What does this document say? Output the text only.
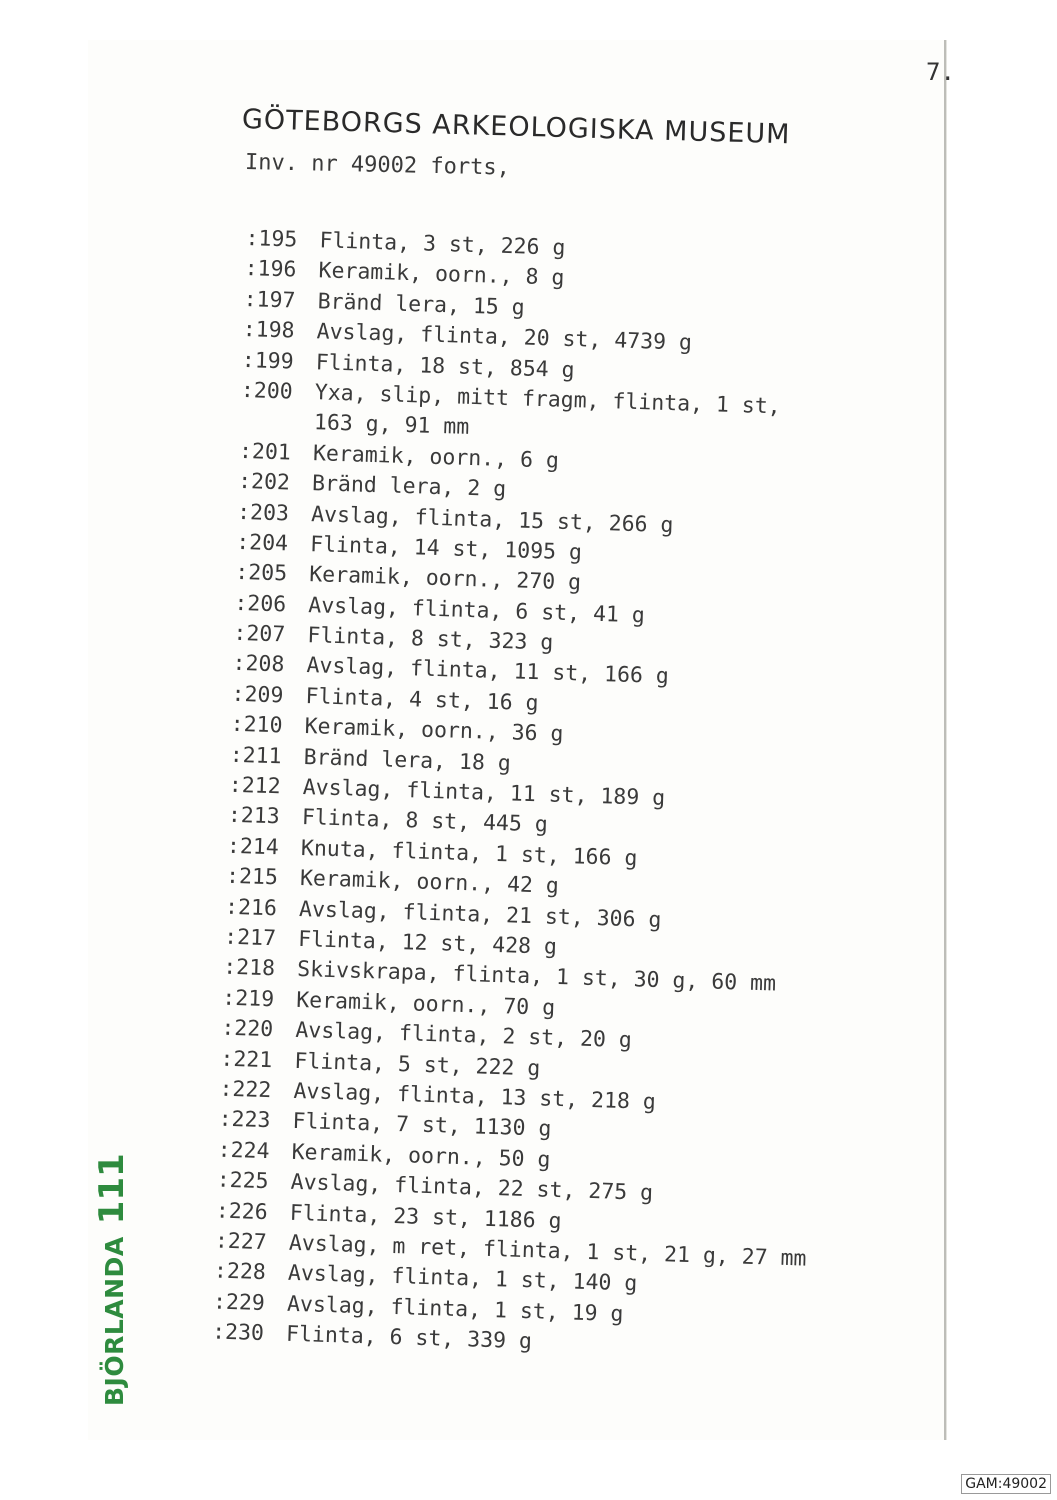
7.
GÖTEBORGS ARKEOLOGISKA MUSEUM
Inv. nr 49002 forts,
:195 Flinta, 3 st, 226 g
:196 Keramik, oorn., 8 g
:197 Bränd lera, 15 g
:198 Avslag, flinta, 20 st, 4739 g
:199 Flinta, 18 st, 854 g
:200 Yxa, slip, mitt fragm, flinta, 1 st,
163 g, 91 mm
:201 Keramik, oorn., 6 g
:202 Bränd lera, 2 g
:203 Avslag, flinta, 15 st, 266 g
:204 Flinta, 14 st, 1095 g
:205 Keramik, oorn., 270 g
:206 Avslag, flinta, 6 st, 41 g
:207 Flinta, 8 st, 323 g
:208 Avslag, flinta, 11 st, 166 g
:209 Flinta, 4 st, 16 g
:210 Keramik, oorn., 36 g
:211 Bränd lera, 18 g
:212 Avslag, flinta, 11 st, 189 g
:213 Flinta, 8 st, 445 g
:214 Knuta, flinta, 1 st, 166 g
:215 Keramik, oorn., 42 g
:216 Avslag, flinta, 21 st, 306 g
:217 Flinta, 12 st, 428 g
:218 Skivskrapa, flinta, 1 st, 30 g, 60 mm
:219 Keramik, oorn., 70 g
:220 Avslag, flinta, 2 st, 20 g
:221 Flinta, 5 st, 222 g
:222 Avslag, flinta, 13 st, 218 g
:223 Flinta, 7 st, 1130 g
:224 Keramik, oorn., 50 g
:225 Avslag, flinta, 22 st, 275 g
:226 Flinta, 23 st, 1186 g
:227 Avslag, m ret, flinta, 1 st, 21 g, 27 mm
:228 Avslag, flinta, 1 st, 140 g
:229 Avslag, flinta, 1 st, 19 g
:230 Flinta, 6 st, 339 g
BJÖRLANDA
111
GAM:49002
